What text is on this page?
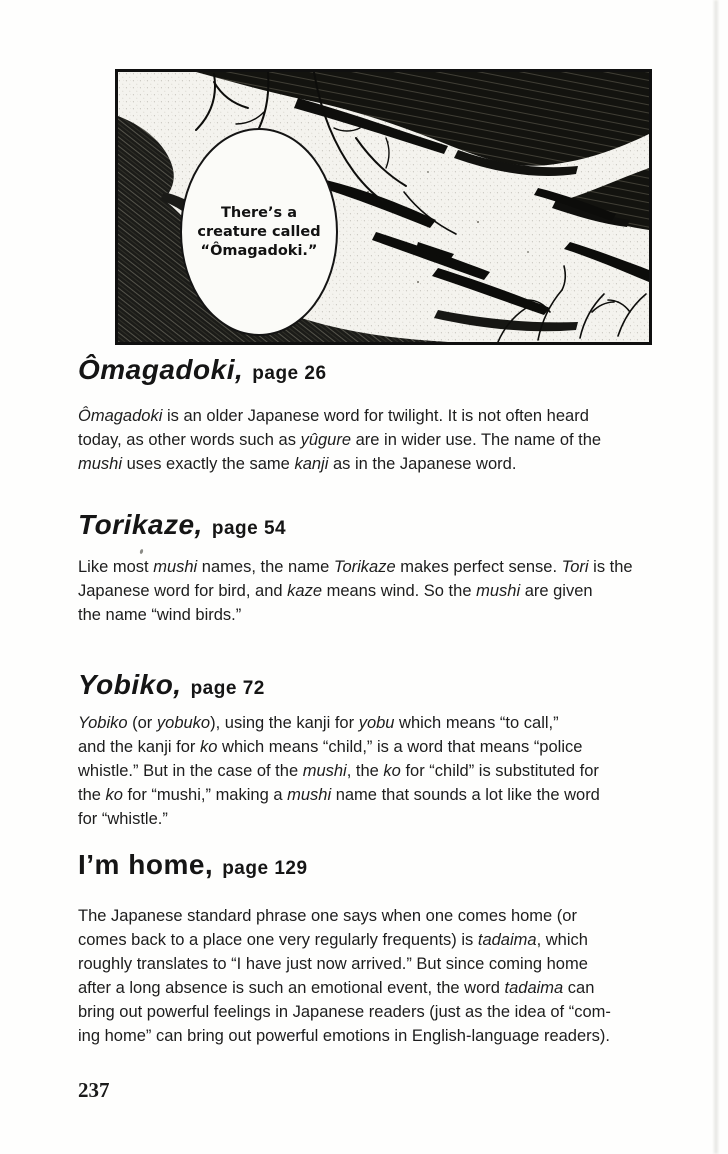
There’s a
creature called
“Ômagadoki.”
Ômagadoki, page 26

Ômagadoki is an older Japanese word for twilight. It is not often heard
today, as other words such as yûgure are in wider use. The name of the
mushi uses exactly the same kanji as in the Japanese word.

Torikaze, page 54

Like most mushi names, the name Torikaze makes perfect sense. Tori is the
Japanese word for bird, and kaze means wind. So the mushi are given
the name “wind birds.”

Yobiko, page 72

Yobiko (or yobuko), using the kanji for yobu which means “to call,”
and the kanji for ko which means “child,” is a word that means “police
whistle.” But in the case of the mushi, the ko for “child” is substituted for
the ko for “mushi,” making a mushi name that sounds a lot like the word
for “whistle.”

I’m home, page 129

The Japanese standard phrase one says when one comes home (or
comes back to a place one very regularly frequents) is tadaima, which
roughly translates to “I have just now arrived.” But since coming home
after a long absence is such an emotional event, the word tadaima can
bring out powerful feelings in Japanese readers (just as the idea of “com-
ing home” can bring out powerful emotions in English-language readers).

237
